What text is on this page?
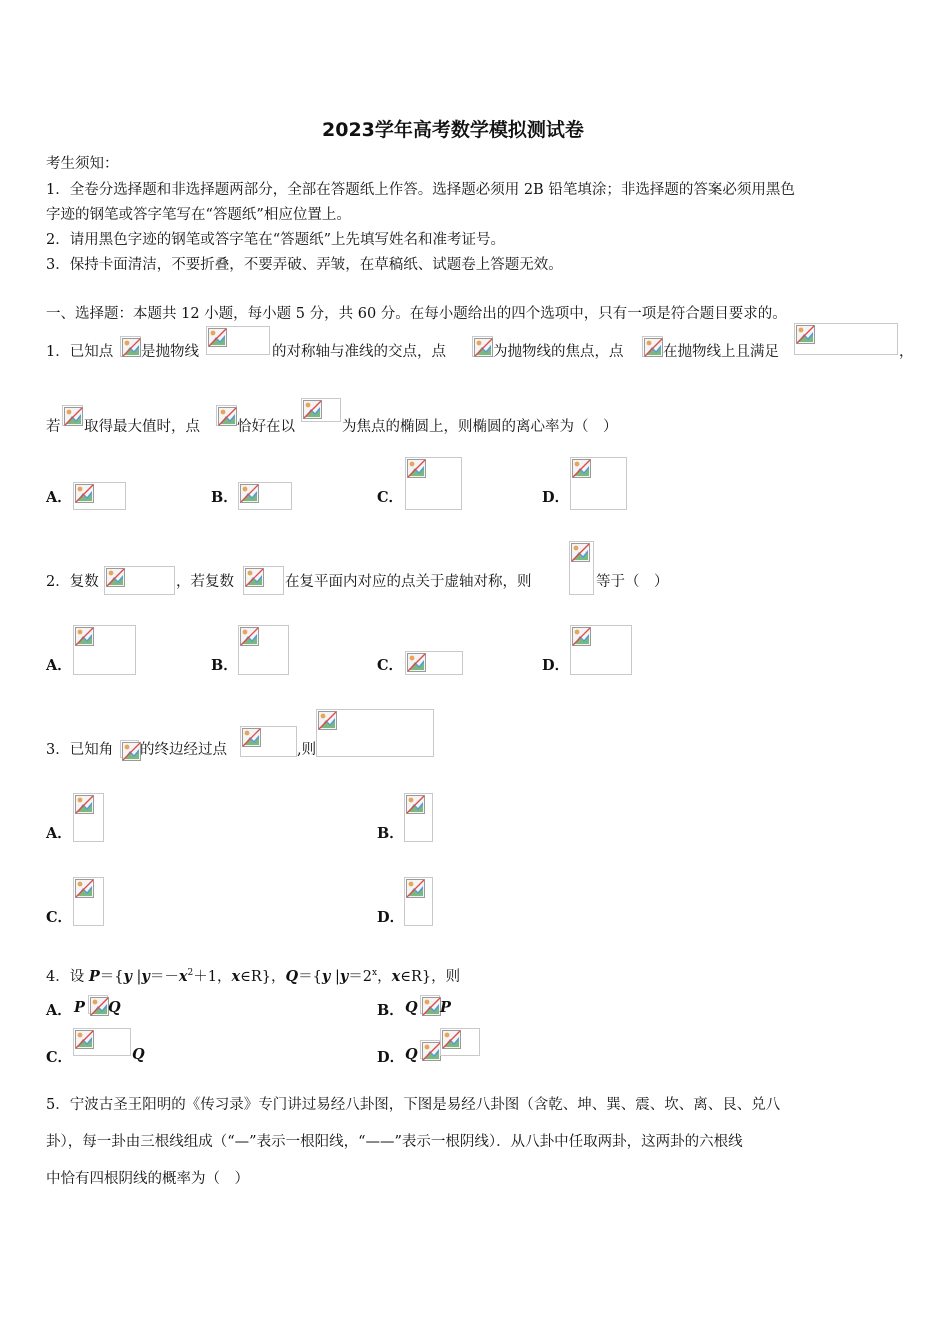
2023学年高考数学模拟测试卷
考生须知：
1．全卷分选择题和非选择题两部分，全部在答题纸上作答。选择题必须用 2B 铅笔填涂；非选择题的答案必须用黑色
字迹的钢笔或答字笔写在“答题纸”相应位置上。
2．请用黑色字迹的钢笔或答字笔在“答题纸”上先填写姓名和准考证号。
3．保持卡面清洁，不要折叠，不要弄破、弄皱，在草稿纸、试题卷上答题无效。
一、选择题：本题共 12 小题，每小题 5 分，共 60 分。在每小题给出的四个选项中，只有一项是符合题目要求的。
1．已知点 是抛物线	的对称轴与准线的交点，点	为抛物线的焦点，点	在抛物线上且满足	，
若 取得最大值时，点	恰好在以	为焦点的椭圆上，则椭圆的离心率为（　）
A．	B．	C．	D．
2．复数	，若复数	在复平面内对应的点关于虚轴对称，则	等于（　）
A．	B．	C．	D．
3．已知角 的终边经过点	,则
A．	B．
C．	D．
4．设 P＝{y $|y=-x^2+1$，x∈R}，Q＝{y $|y=2^x$，x∈R}，则
A． P Q	B． Q P
C．	Q	D． Q
5．宁波古圣王阳明的《传习录》专门讲过易经八卦图，下图是易经八卦图（含乾、坤、巽、震、坎、离、艮、兑八
卦），每一卦由三根线组成（“—”表示一根阳线，“——”表示一根阴线）．从八卦中任取两卦，这两卦的六根线
中恰有四根阴线的概率为（　）
